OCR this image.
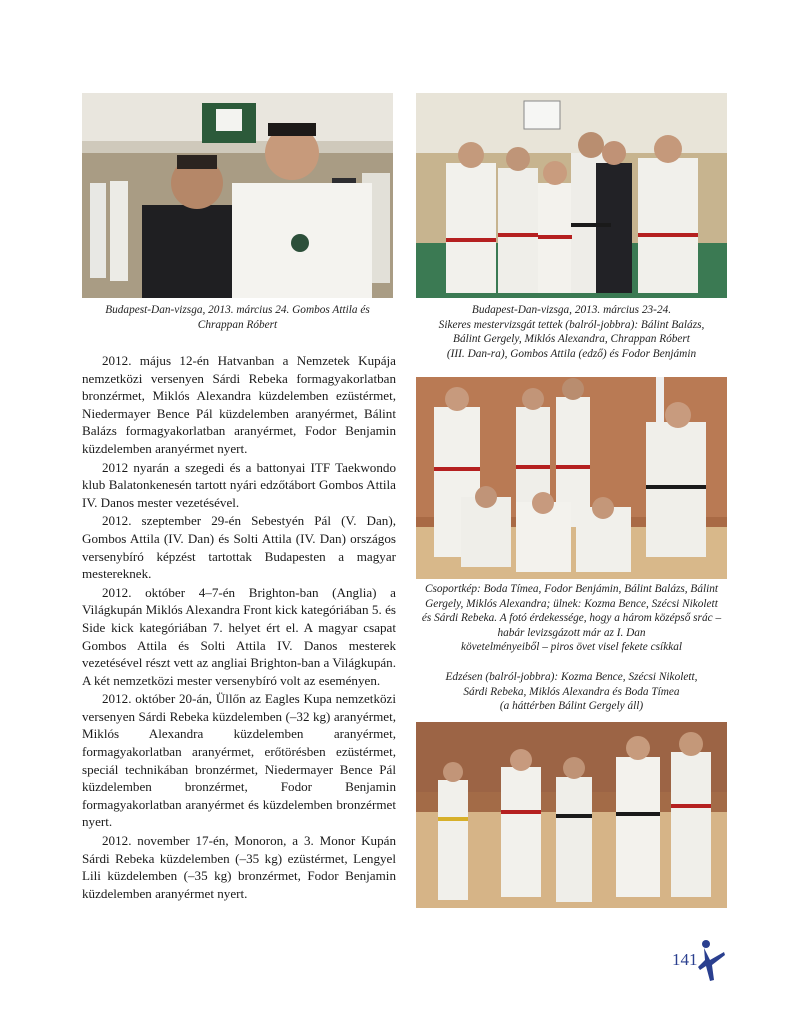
Budapest-Dan-vizsga, 2013. március 24. Gombos Attila és
Chrappan Róbert
Budapest-Dan-vizsga, 2013. március 23-24.
Sikeres mestervizsgát tettek (balról-jobbra): Bálint Balázs,
Bálint Gergely, Miklós Alexandra, Chrappan Róbert
(III. Dan-ra), Gombos Attila (edző) és Fodor Benjámin
Csoportkép: Boda Tímea, Fodor Benjámin, Bálint Balázs, Bálint
Gergely, Miklós Alexandra; ülnek: Kozma Bence, Szécsi Nikolett
és Sárdi Rebeka. A fotó érdekessége, hogy a három középső srác –
habár levizsgázott már az I. Dan
követelményeiből – piros övet visel fekete csíkkal
Edzésen (balról-jobbra): Kozma Bence, Szécsi Nikolett,
Sárdi Rebeka, Miklós Alexandra és Boda Tímea
(a háttérben Bálint Gergely áll)

2012. május 12-én Hatvanban a Nemzetek Kupája nemzetközi versenyen Sárdi Rebeka formagyakorlatban bronzérmet, Miklós Alexandra küzdelemben ezüstérmet, Niedermayer Bence Pál küzdelemben aranyérmet, Bálint Balázs formagyakorlatban aranyérmet, Fodor Benjamin küzdelemben aranyérmet nyert.

2012 nyarán a szegedi és a battonyai ITF Taekwondo klub Balatonkenesén tartott nyári edzőtábort Gombos Attila IV. Danos mester vezetésével.

2012. szeptember 29-én Sebestyén Pál (V. Dan), Gombos Attila (IV. Dan) és Solti Attila (IV. Dan) országos versenybíró képzést tartottak Budapesten a magyar mestereknek.

2012. október 4–7-én Brighton-ban (Anglia) a Világkupán Miklós Alexandra Front kick kategóriában 5. és Side kick kategóriában 7. helyet ért el. A magyar csapat Gombos Attila és Solti Attila IV. Danos mesterek vezetésével részt vett az angliai Brighton-ban a Világkupán. A két nemzetközi mester versenybíró volt az eseményen.

2012. október 20-án, Üllőn az Eagles Kupa nemzetközi versenyen Sárdi Rebeka küzdelemben (–32 kg) aranyérmet, Miklós Alexandra küzdelemben aranyérmet, formagyakorlatban aranyérmet, erőtörésben ezüstérmet, speciál technikában bronzérmet, Niedermayer Bence Pál küzdelemben bronzérmet, Fodor Benjamin formagyakorlatban aranyérmet és küzdelemben bronzérmet nyert.

2012. november 17-én, Monoron, a 3. Monor Kupán Sárdi Rebeka küzdelemben (–35 kg) ezüstérmet, Lengyel Lili küzdelemben (–35 kg) bronzérmet, Fodor Benjamin küzdelemben aranyérmet nyert.

141
